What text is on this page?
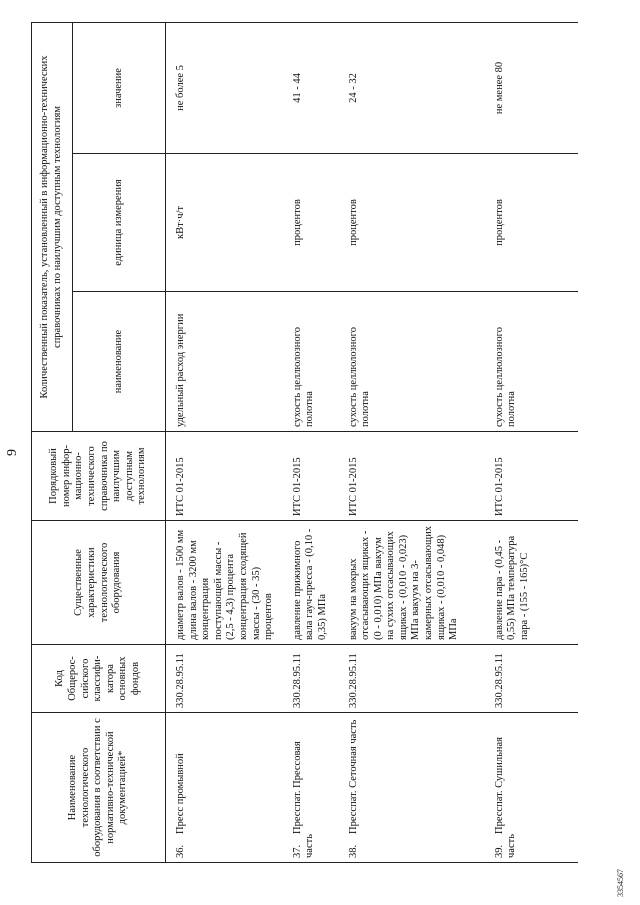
9
Наименование технологического оборудования в соответствии с нормативно-технической документацией*	Код Общерос-сийского классифи-катора основных фондов	Существенные характеристики технологического оборудования	Порядковый номер инфор-мационно-технического справочника по наилучшим доступным технологиям	Количественный показатель, установленный в информационно-технических справочниках по наилучшим доступным технологиям		
				наименование	единица измерения	значение
36.Пресс промывной	330.28.95.11	диаметр валов - 1500 мм длина валов - 3200 мм концентрация поступающей массы - (2,5 - 4,3) процента концентрация сходящей массы - (30 - 35) процентов	ИТС 01-2015	удельный расход энергии	кВт·ч/т	не более 5
37.Пресспат. Прессовая часть	330.28.95.11	давление прижимного вала гауч-пресса - (0,10 - 0,35) МПа	ИТС 01-2015	сухость целлюлозного полотна	процентов	41 - 44
38.Пресспат. Сеточная часть	330.28.95.11	вакуум на мокрых отсасывающих ящиках - (0 - 0,010) МПа вакуум на сухих отсасывающих ящиках - (0,010 - 0,023) МПа вакуум на 3-камерных отсасывающих ящиках - (0,010 - 0,048) МПа	ИТС 01-2015	сухость целлюлозного полотна	процентов	24 - 32
39.Пресспат. Сушильная часть	330.28.95.11	давление пара - (0,45 - 0,55) МПа температура пара - (155 - 165)°С	ИТС 01-2015	сухость целлюлозного полотна	процентов	не менее 80
3354567
